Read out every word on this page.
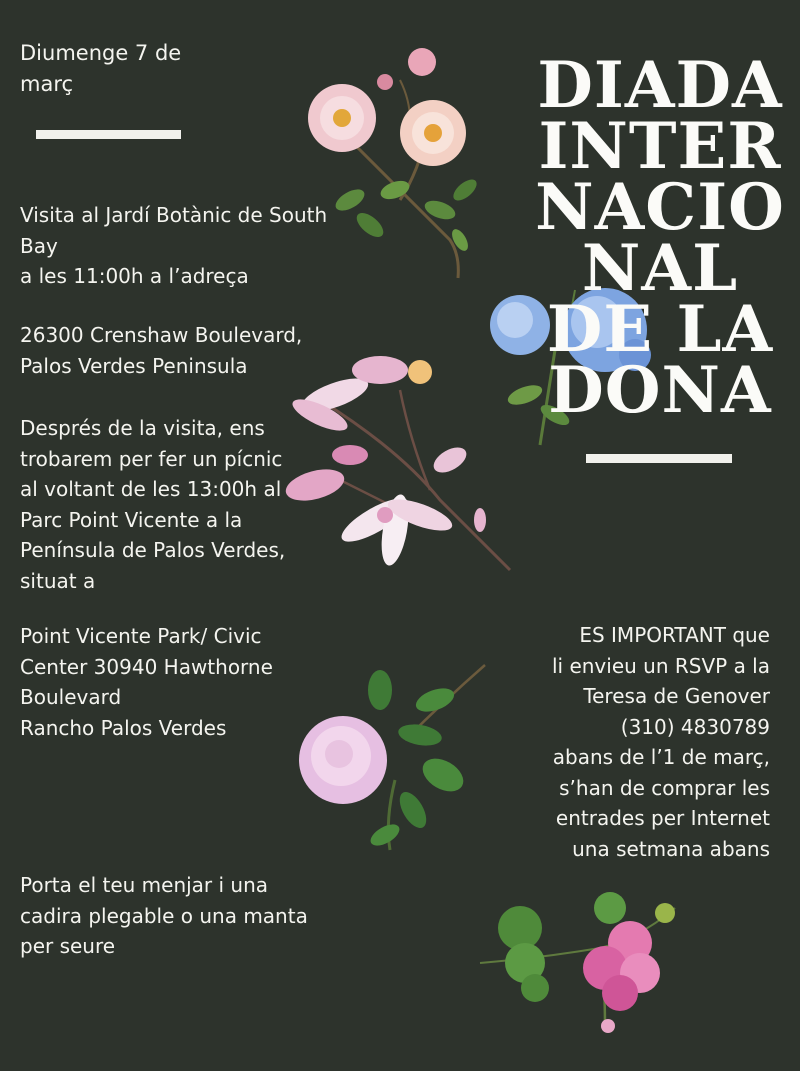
Diumenge 7 de
març

Visita al Jardí Botànic de South
Bay
a les 11:00h a l’adreça

26300 Crenshaw Boulevard,
Palos Verdes Peninsula

Després de la visita, ens
trobarem per fer un pícnic
al voltant de les 13:00h al
Parc Point Vicente a la
Península de Palos Verdes,
situat a

Point Vicente Park/ Civic
Center 30940 Hawthorne
Boulevard
Rancho Palos Verdes

Porta el teu menjar i una
cadira plegable o una manta
per seure

DIADA
INTER
NACIO
NAL
DE LA
DONA

ES IMPORTANT que
li envieu un RSVP a la
Teresa de Genover
(310) 4830789
abans de l’1 de març,
s’han de comprar les
entrades per Internet
una setmana abans
